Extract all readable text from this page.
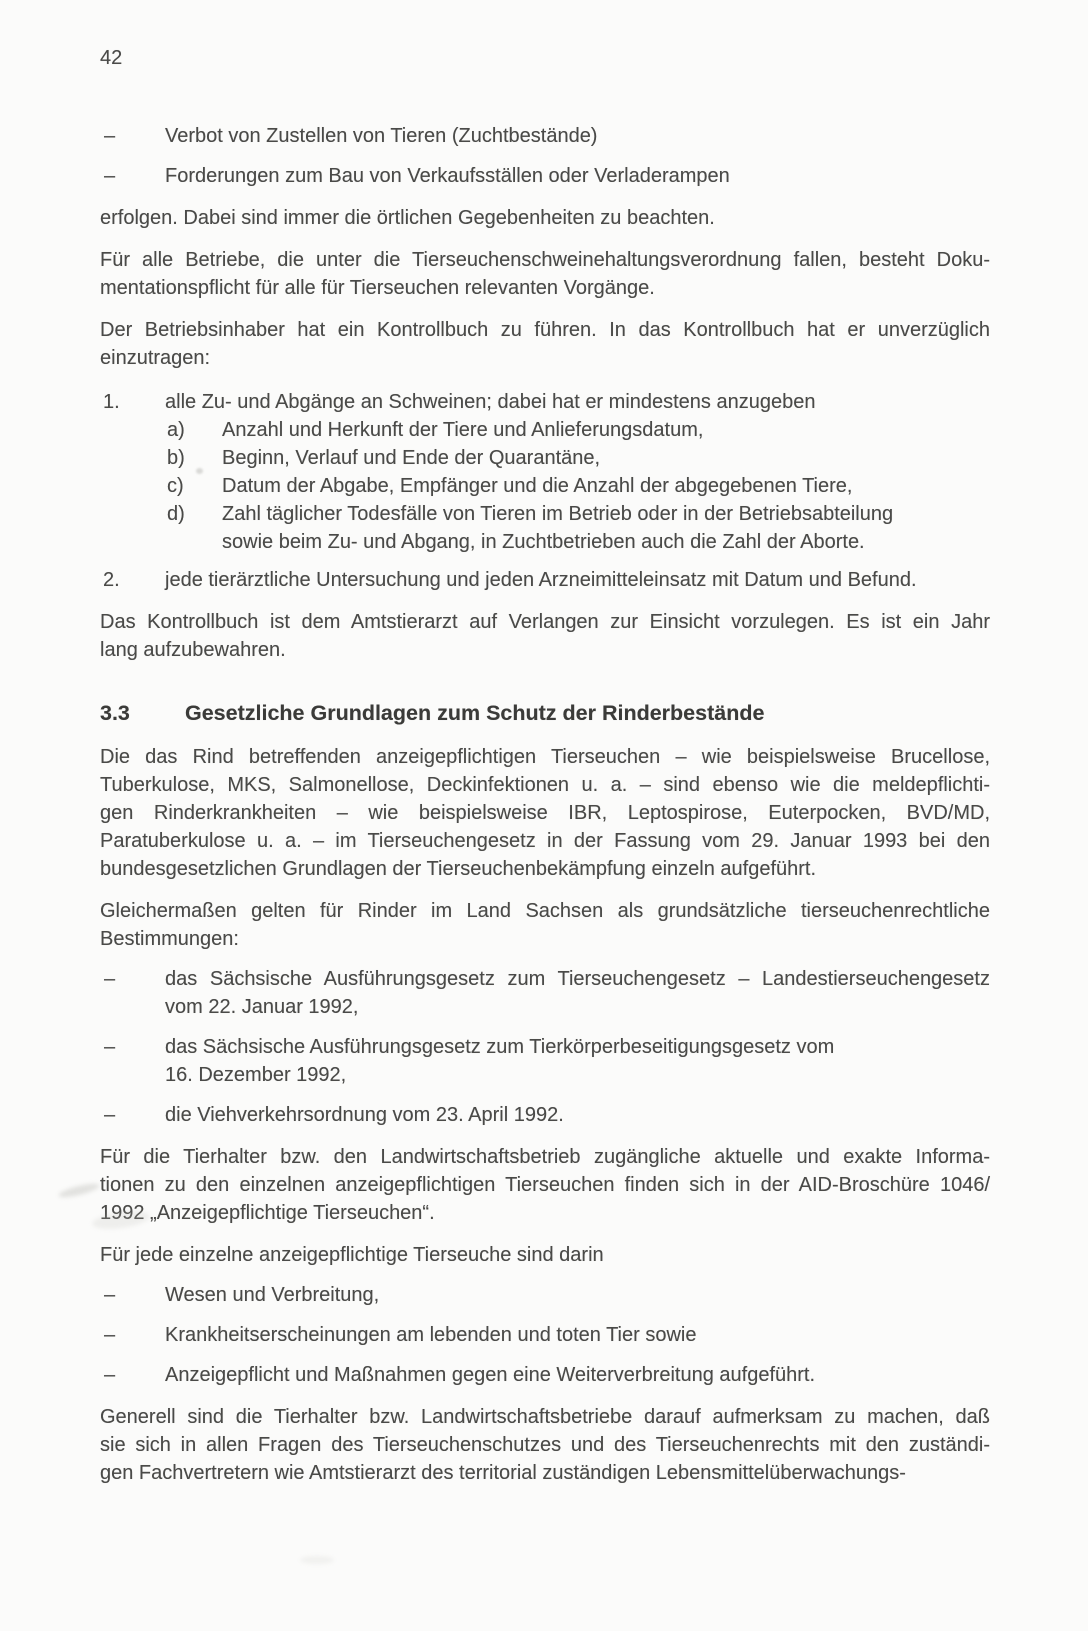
42
– Verbot von Zustellen von Tieren (Zuchtbestände)
– Forderungen zum Bau von Verkaufsställen oder Verladerampen

erfolgen. Dabei sind immer die örtlichen Gegebenheiten zu beachten.

Für alle Betriebe, die unter die Tierseuchenschweinehaltungsverordnung fallen, besteht Doku-
mentationspflicht für alle für Tierseuchen relevanten Vorgänge.

Der Betriebsinhaber hat ein Kontrollbuch zu führen. In das Kontrollbuch hat er unverzüglich
einzutragen:

1. alle Zu- und Abgänge an Schweinen; dabei hat er mindestens anzugeben
a) Anzahl und Herkunft der Tiere und Anlieferungsdatum,
b) Beginn, Verlauf und Ende der Quarantäne,
c) Datum der Abgabe, Empfänger und die Anzahl der abgegebenen Tiere,
d) Zahl täglicher Todesfälle von Tieren im Betrieb oder in der Betriebsabteilung
sowie beim Zu- und Abgang, in Zuchtbetrieben auch die Zahl der Aborte.
2. jede tierärztliche Untersuchung und jeden Arzneimitteleinsatz mit Datum und Befund.

Das Kontrollbuch ist dem Amtstierarzt auf Verlangen zur Einsicht vorzulegen. Es ist ein Jahr
lang aufzubewahren.

3.3	Gesetzliche Grundlagen zum Schutz der Rinderbestände

Die das Rind betreffenden anzeigepflichtigen Tierseuchen – wie beispielsweise Brucellose,
Tuberkulose, MKS, Salmonellose, Deckinfektionen u. a. – sind ebenso wie die meldepflichti-
gen Rinderkrankheiten – wie beispielsweise IBR, Leptospirose, Euterpocken, BVD/MD,
Paratuberkulose u. a. – im Tierseuchengesetz in der Fassung vom 29. Januar 1993 bei den
bundesgesetzlichen Grundlagen der Tierseuchenbekämpfung einzeln aufgeführt.

Gleichermaßen gelten für Rinder im Land Sachsen als grundsätzliche tierseuchenrechtliche
Bestimmungen:

– das Sächsische Ausführungsgesetz zum Tierseuchengesetz – Landestierseuchengesetz
vom 22. Januar 1992,
– das Sächsische Ausführungsgesetz zum Tierkörperbeseitigungsgesetz vom
16. Dezember 1992,
– die Viehverkehrsordnung vom 23. April 1992.

Für die Tierhalter bzw. den Landwirtschaftsbetrieb zugängliche aktuelle und exakte Informa-
tionen zu den einzelnen anzeigepflichtigen Tierseuchen finden sich in der AID-Broschüre 1046/
1992 „Anzeigepflichtige Tierseuchen“.

Für jede einzelne anzeigepflichtige Tierseuche sind darin

– Wesen und Verbreitung,
– Krankheitserscheinungen am lebenden und toten Tier sowie
– Anzeigepflicht und Maßnahmen gegen eine Weiterverbreitung aufgeführt.

Generell sind die Tierhalter bzw. Landwirtschaftsbetriebe darauf aufmerksam zu machen, daß
sie sich in allen Fragen des Tierseuchenschutzes und des Tierseuchenrechts mit den zuständi-
gen Fachvertretern wie Amtstierarzt des territorial zuständigen Lebensmittelüberwachungs-
